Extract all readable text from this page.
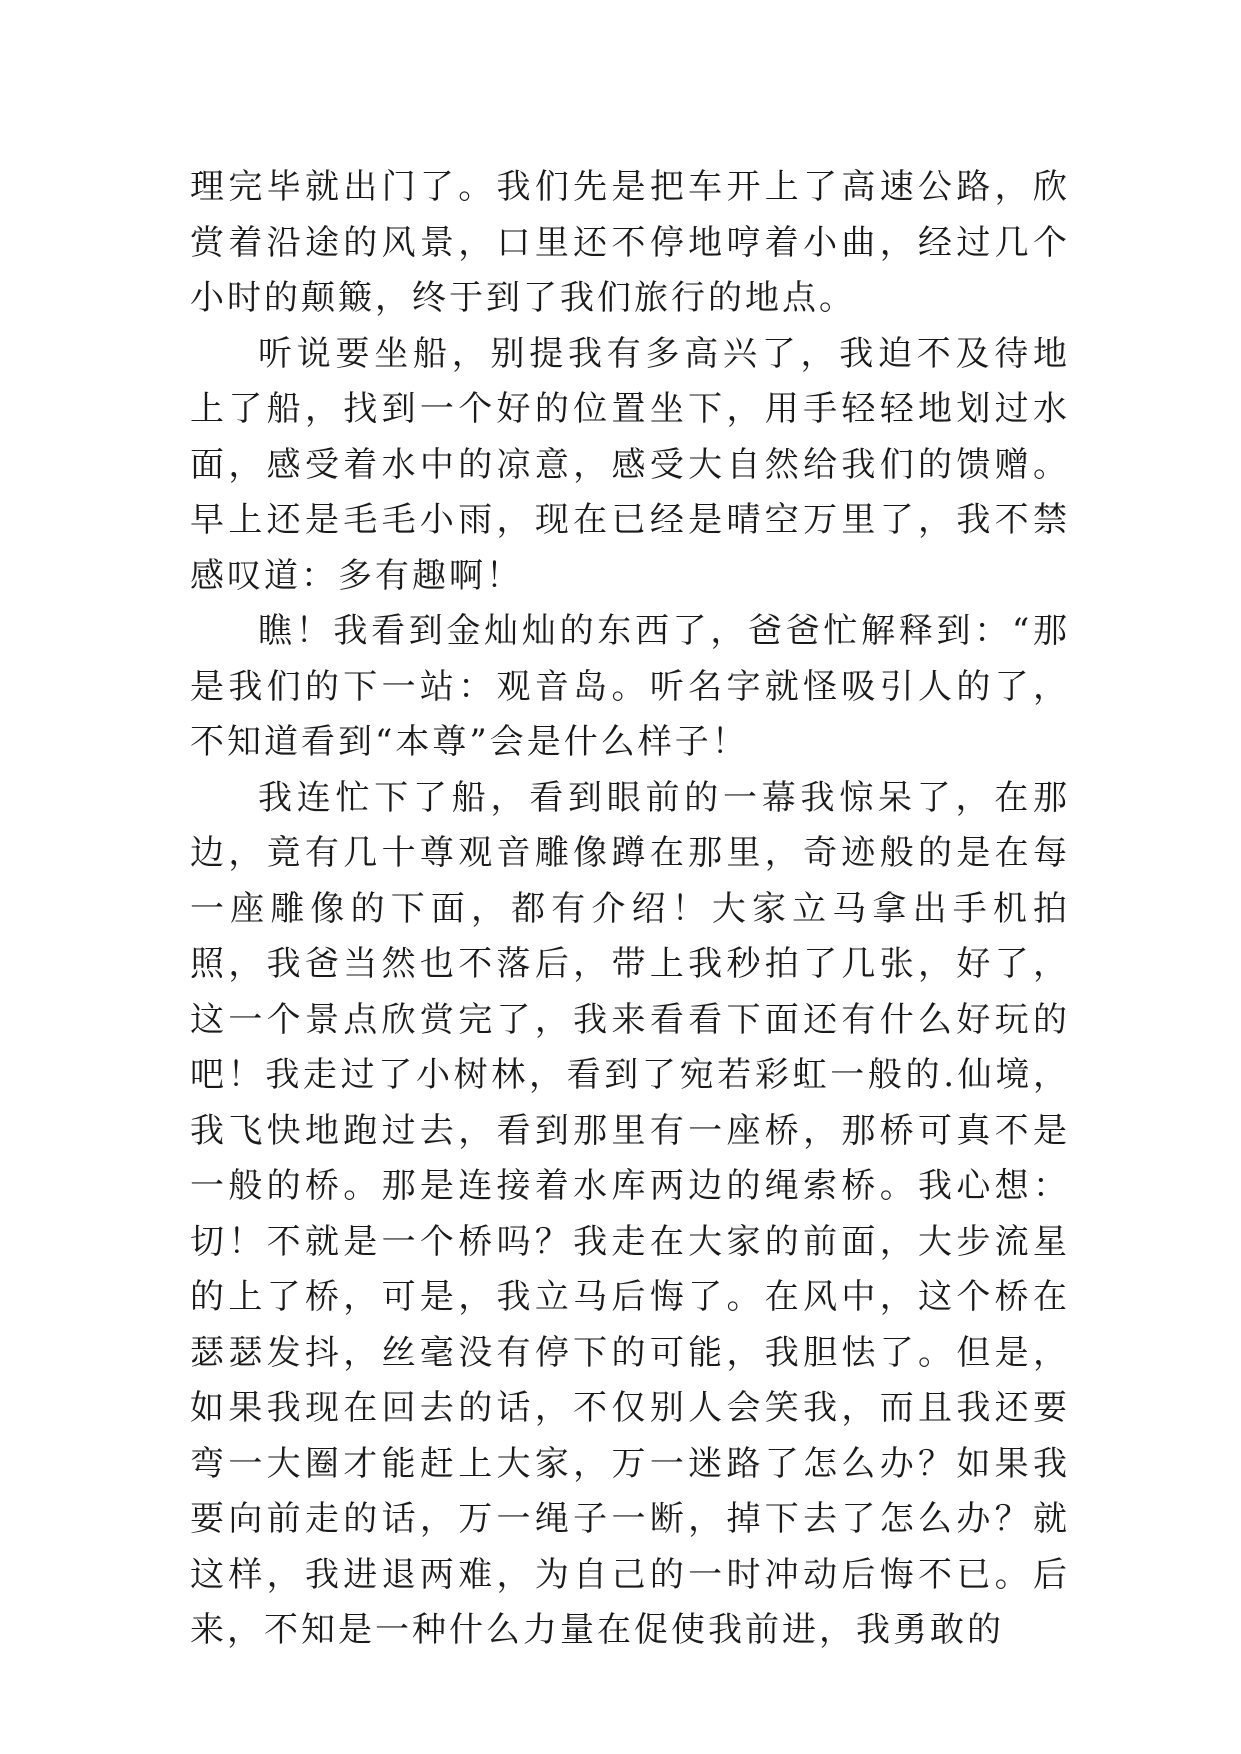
理完毕就出门了。我们先是把车开上了高速公路，欣赏着沿途的风景，口里还不停地哼着小曲，经过几个小时的颠簸，终于到了我们旅行的地点。

听说要坐船，别提我有多高兴了，我迫不及待地上了船，找到一个好的位置坐下，用手轻轻地划过水面，感受着水中的凉意，感受大自然给我们的馈赠。早上还是毛毛小雨，现在已经是晴空万里了，我不禁感叹道：多有趣啊！

瞧！我看到金灿灿的东西了，爸爸忙解释到：“那是我们的下一站：观音岛。听名字就怪吸引人的了，不知道看到“本尊”会是什么样子！

我连忙下了船，看到眼前的一幕我惊呆了，在那边，竟有几十尊观音雕像蹲在那里，奇迹般的是在每一座雕像的下面，都有介绍！大家立马拿出手机拍照，我爸当然也不落后，带上我秒拍了几张，好了，这一个景点欣赏完了，我来看看下面还有什么好玩的吧！我走过了小树林，看到了宛若彩虹一般的.仙境，我飞快地跑过去，看到那里有一座桥，那桥可真不是一般的桥。那是连接着水库两边的绳索桥。我心想：切！不就是一个桥吗？我走在大家的前面，大步流星的上了桥，可是，我立马后悔了。在风中，这个桥在瑟瑟发抖，丝毫没有停下的可能，我胆怯了。但是，如果我现在回去的话，不仅别人会笑我，而且我还要弯一大圈才能赶上大家，万一迷路了怎么办？如果我要向前走的话，万一绳子一断，掉下去了怎么办？就这样，我进退两难，为自己的一时冲动后悔不已。后来，不知是一种什么力量在促使我前进，我勇敢的
